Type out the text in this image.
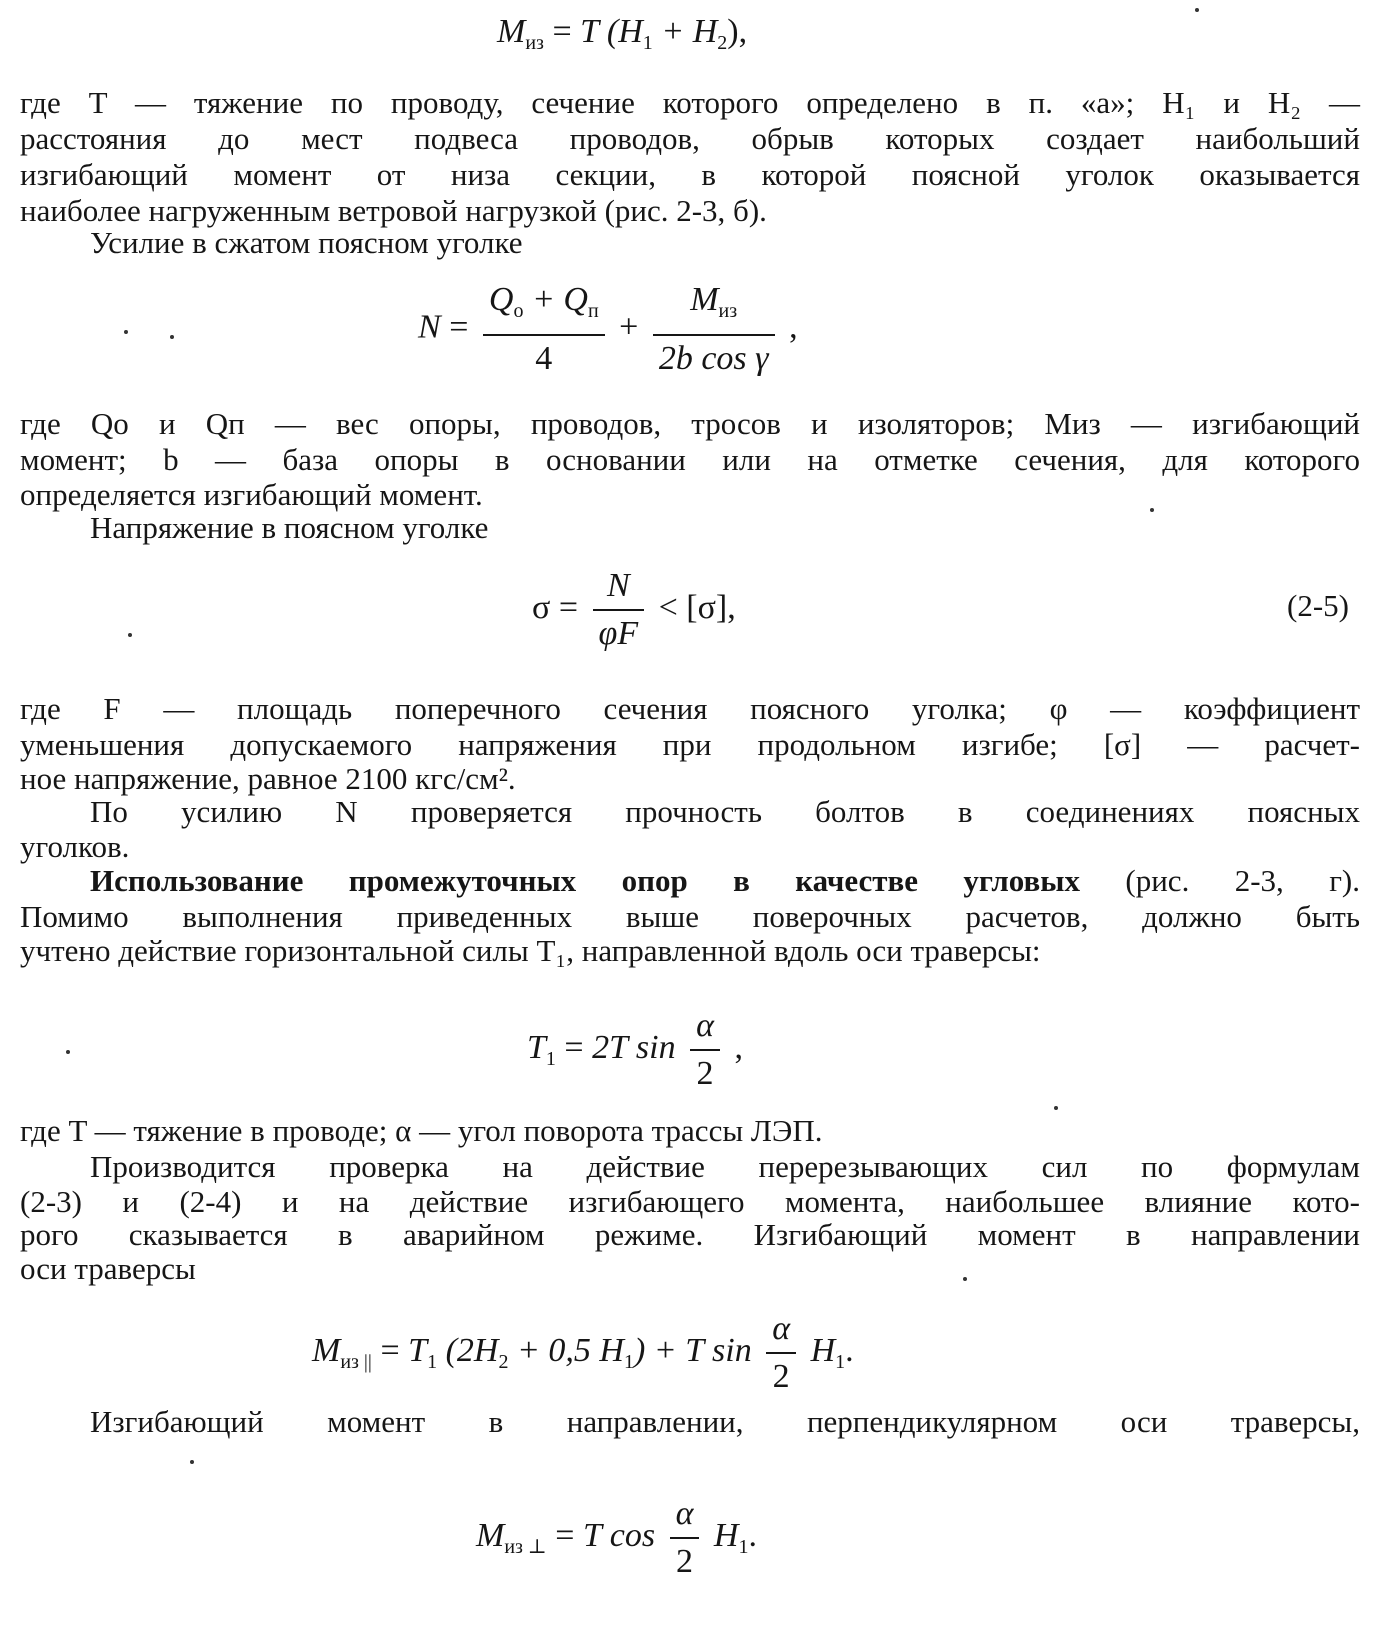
$M_{из} = T$ $(H_1 + H_2)$,
где T — тяжение по проводу, сечение которого определено в п. «а»; H₁ и H₂ —
расстояния до мест подвеса проводов, обрыв которых создает наибольший
изгибающий момент от низа секции, в которой поясной уголок оказывается
наиболее нагруженным ветровой нагрузкой (рис. 2-3, б).
Усилие в сжатом поясном уголке
$N = \frac{Q_о + Q_п}{4} + \frac{M_{из}}{\text{2b cos γ}}$ ,
где Qо и Qп — вес опоры, проводов, тросов и изоляторов; Mиз — изгибающий
момент; b — база опоры в основании или на отметке сечения, для которого
определяется изгибающий момент.
Напряжение в поясном уголке
$\sigma = \frac{N}{\varphi F} < [\sigma]$,	(2-5)
где F — площадь поперечного сечения поясного уголка; φ — коэффициент
уменьшения допускаемого напряжения при продольном изгибе; [σ] — расчет-
ное напряжение, равное 2100 кгс/см².
По усилию N проверяется прочность болтов в соединениях поясных
уголков.
Использование промежуточных опор в качестве угловых (рис. 2-3, г).
Помимо выполнения приведенных выше поверочных расчетов, должно быть
учтено действие горизонтальной силы T₁, направленной вдоль оси траверсы:
$T_1 = 2T$ $\sin \frac{\alpha}{2}$ ,
где T — тяжение в проводе; α — угол поворота трассы ЛЭП.
Производится проверка на действие перерезывающих сил по формулам
(2-3) и (2-4) и на действие изгибающего момента, наибольшее влияние кото-
рого сказывается в аварийном режиме. Изгибающий момент в направлении
оси траверсы
$M_{из ||} = T_1$ ($2H_2 + 0,5$ $H_1) + T$ $\sin \frac{\alpha}{2} H_1$.
Изгибающий момент в направлении, перпендикулярном оси траверсы,
$M_{из \perp} = T$ $\cos \frac{\alpha}{2} H_1$.
